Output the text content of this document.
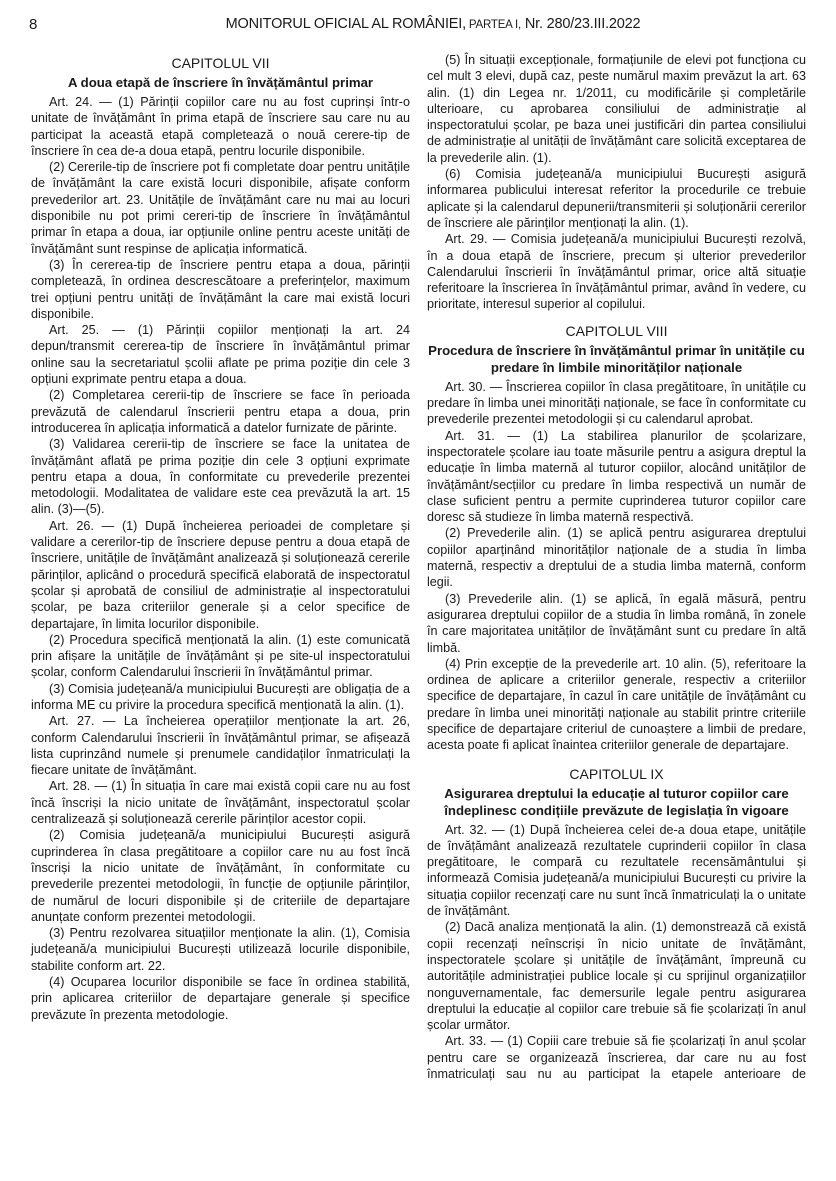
8	MONITORUL OFICIAL AL ROMÂNIEI, PARTEA I, Nr. 280/23.III.2022
CAPITOLUL VII
A doua etapă de înscriere în învățământul primar

Art. 24. — (1) Părinții copiilor care nu au fost cuprinși într-o unitate de învățământ în prima etapă de înscriere sau care nu au participat la această etapă completează o nouă cerere-tip de înscriere în cea de-a doua etapă, pentru locurile disponibile.

(2) Cererile-tip de înscriere pot fi completate doar pentru unitățile de învățământ la care există locuri disponibile, afișate conform prevederilor art. 23. Unitățile de învățământ care nu mai au locuri disponibile nu pot primi cereri-tip de înscriere în învățământul primar în etapa a doua, iar opțiunile online pentru aceste unități de învățământ sunt respinse de aplicația informatică.

(3) În cererea-tip de înscriere pentru etapa a doua, părinții completează, în ordinea descrescătoare a preferințelor, maximum trei opțiuni pentru unități de învățământ la care mai există locuri disponibile.

Art. 25. — (1) Părinții copiilor menționați la art. 24 depun/transmit cererea-tip de înscriere în învățământul primar online sau la secretariatul școlii aflate pe prima poziție din cele 3 opțiuni exprimate pentru etapa a doua.

(2) Completarea cererii-tip de înscriere se face în perioada prevăzută de calendarul înscrierii pentru etapa a doua, prin introducerea în aplicația informatică a datelor furnizate de părinte.

(3) Validarea cererii-tip de înscriere se face la unitatea de învățământ aflată pe prima poziție din cele 3 opțiuni exprimate pentru etapa a doua, în conformitate cu prevederile prezentei metodologii. Modalitatea de validare este cea prevăzută la art. 15 alin. (3)—(5).

Art. 26. — (1) După încheierea perioadei de completare și validare a cererilor-tip de înscriere depuse pentru a doua etapă de înscriere, unitățile de învățământ analizează și soluționează cererile părinților, aplicând o procedură specifică elaborată de inspectoratul școlar și aprobată de consiliul de administrație al inspectoratului școlar, pe baza criteriilor generale și a celor specifice de departajare, în limita locurilor disponibile.

(2) Procedura specifică menționată la alin. (1) este comunicată prin afișare la unitățile de învățământ și pe site-ul inspectoratului școlar, conform Calendarului înscrierii în învățământul primar.

(3) Comisia județeană/a municipiului București are obligația de a informa ME cu privire la procedura specifică menționată la alin. (1).

Art. 27. — La încheierea operațiilor menționate la art. 26, conform Calendarului înscrierii în învățământul primar, se afișează lista cuprinzând numele și prenumele candidaților înmatriculați la fiecare unitate de învățământ.

Art. 28. — (1) În situația în care mai există copii care nu au fost încă înscriși la nicio unitate de învățământ, inspectoratul școlar centralizează și soluționează cererile părinților acestor copii.

(2) Comisia județeană/a municipiului București asigură cuprinderea în clasa pregătitoare a copiilor care nu au fost încă înscriși la nicio unitate de învățământ, în conformitate cu prevederile prezentei metodologii, în funcție de opțiunile părinților, de numărul de locuri disponibile și de criteriile de departajare anunțate conform prezentei metodologii.

(3) Pentru rezolvarea situațiilor menționate la alin. (1), Comisia județeană/a municipiului București utilizează locurile disponibile, stabilite conform art. 22.

(4) Ocuparea locurilor disponibile se face în ordinea stabilită, prin aplicarea criteriilor de departajare generale și specifice prevăzute în prezenta metodologie.

(5) În situații excepționale, formațiunile de elevi pot funcționa cu cel mult 3 elevi, după caz, peste numărul maxim prevăzut la art. 63 alin. (1) din Legea nr. 1/2011, cu modificările și completările ulterioare, cu aprobarea consiliului de administrație al inspectoratului școlar, pe baza unei justificări din partea consiliului de administrație al unității de învățământ care solicită exceptarea de la prevederile alin. (1).

(6) Comisia județeană/a municipiului București asigură informarea publicului interesat referitor la procedurile ce trebuie aplicate și la calendarul depunerii/transmiterii și soluționării cererilor de înscriere ale părinților menționați la alin. (1).

Art. 29. — Comisia județeană/a municipiului București rezolvă, în a doua etapă de înscriere, precum și ulterior prevederilor Calendarului înscrierii în învățământul primar, orice altă situație referitoare la înscrierea în învățământul primar, având în vedere, cu prioritate, interesul superior al copilului.

CAPITOLUL VIII
Procedura de înscriere în învățământul primar în unitățile cu predare în limbile minorităților naționale

Art. 30. — Înscrierea copiilor în clasa pregătitoare, în unitățile cu predare în limba unei minorități naționale, se face în conformitate cu prevederile prezentei metodologii și cu calendarul aprobat.

Art. 31. — (1) La stabilirea planurilor de școlarizare, inspectoratele școlare iau toate măsurile pentru a asigura dreptul la educație în limba maternă al tuturor copiilor, alocând unităților de învățământ/secțiilor cu predare în limba respectivă un număr de clase suficient pentru a permite cuprinderea tuturor copiilor care doresc să studieze în limba maternă respectivă.

(2) Prevederile alin. (1) se aplică pentru asigurarea dreptului copiilor aparținând minorităților naționale de a studia în limba maternă, respectiv a dreptului de a studia limba maternă, conform legii.

(3) Prevederile alin. (1) se aplică, în egală măsură, pentru asigurarea dreptului copiilor de a studia în limba română, în zonele în care majoritatea unităților de învățământ sunt cu predare în altă limbă.

(4) Prin excepție de la prevederile art. 10 alin. (5), referitoare la ordinea de aplicare a criteriilor generale, respectiv a criteriilor specifice de departajare, în cazul în care unitățile de învățământ cu predare în limba unei minorități naționale au stabilit printre criteriile specifice de departajare criteriul de cunoaștere a limbii de predare, acesta poate fi aplicat înaintea criteriilor generale de departajare.

CAPITOLUL IX
Asigurarea dreptului la educație al tuturor copiilor care îndeplinesc condițiile prevăzute de legislația în vigoare

Art. 32. — (1) După încheierea celei de-a doua etape, unitățile de învățământ analizează rezultatele cuprinderii copiilor în clasa pregătitoare, le compară cu rezultatele recensământului și informează Comisia județeană/a municipiului București cu privire la situația copiilor recenzați care nu sunt încă înmatriculați la o unitate de învățământ.

(2) Dacă analiza menționată la alin. (1) demonstrează că există copii recenzați neînscriși în nicio unitate de învățământ, inspectoratele școlare și unitățile de învățământ, împreună cu autoritățile administrației publice locale și cu sprijinul organizațiilor nonguvernamentale, fac demersurile legale pentru asigurarea dreptului la educație al copiilor care trebuie să fie școlarizați în anul școlar următor.

Art. 33. — (1) Copiii care trebuie să fie școlarizați în anul școlar pentru care se organizează înscrierea, dar care nu au fost înmatriculați sau nu au participat la etapele anterioare de
